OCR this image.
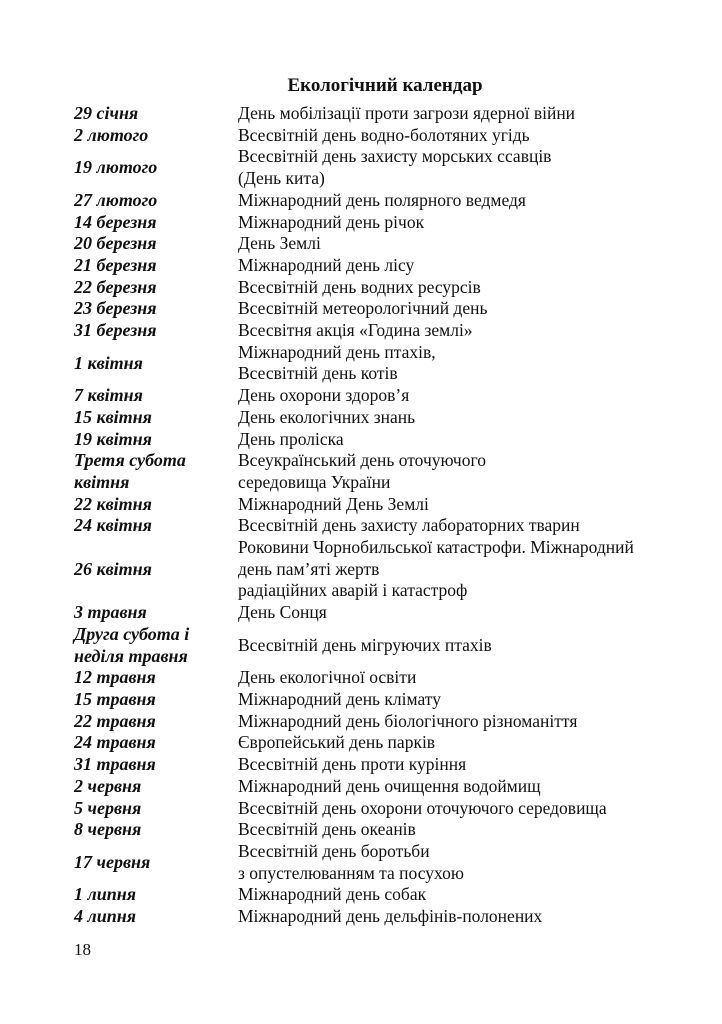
Екологічний календар
29 січня	День мобілізації проти загрози ядерної війни

2 лютого	Всесвітній день водно-болотяних угідь

19 лютого	Всесвітній день захисту морських ссавців
(День кита)

27 лютого	Міжнародний день полярного ведмедя

14 березня	Міжнародний день річок

20 березня	День Землі

21 березня	Міжнародний день лісу

22 березня	Всесвітній день водних ресурсів

23 березня	Всесвітній метеорологічний день

31 березня	Всесвітня акція «Година землі»

1 квітня	Міжнародний день птахів,
Всесвітній день котів

7 квітня	День охорони здоров’я

15 квітня	День екологічних знань

19 квітня	День проліска

Третя субота
квітня	Всеукраїнський день оточуючого
середовища України

22 квітня	Міжнародний День Землі

24 квітня	Всесвітній день захисту лабораторних тварин

26 квітня	Роковини Чорнобильської катастрофи. Міжнародний
день пам’яті жертв
радіаційних аварій і катастроф

3 травня	День Сонця

Друга субота і
неділя травня	Всесвітній день мігруючих птахів

12 травня	День екологічної освіти

15 травня	Міжнародний день клімату

22 травня	Міжнародний день біологічного різноманіття

24 травня	Європейський день парків

31 травня	Всесвітній день проти куріння

2 червня	Міжнародний день очищення водоймищ

5 червня	Всесвітній день охорони оточуючого середовища

8 червня	Всесвітній день океанів

17 червня	Всесвітній день боротьби
з опустелюванням та посухою

1 липня	Міжнародний день собак

4 липня	Міжнародний день дельфінів-полонених
18
